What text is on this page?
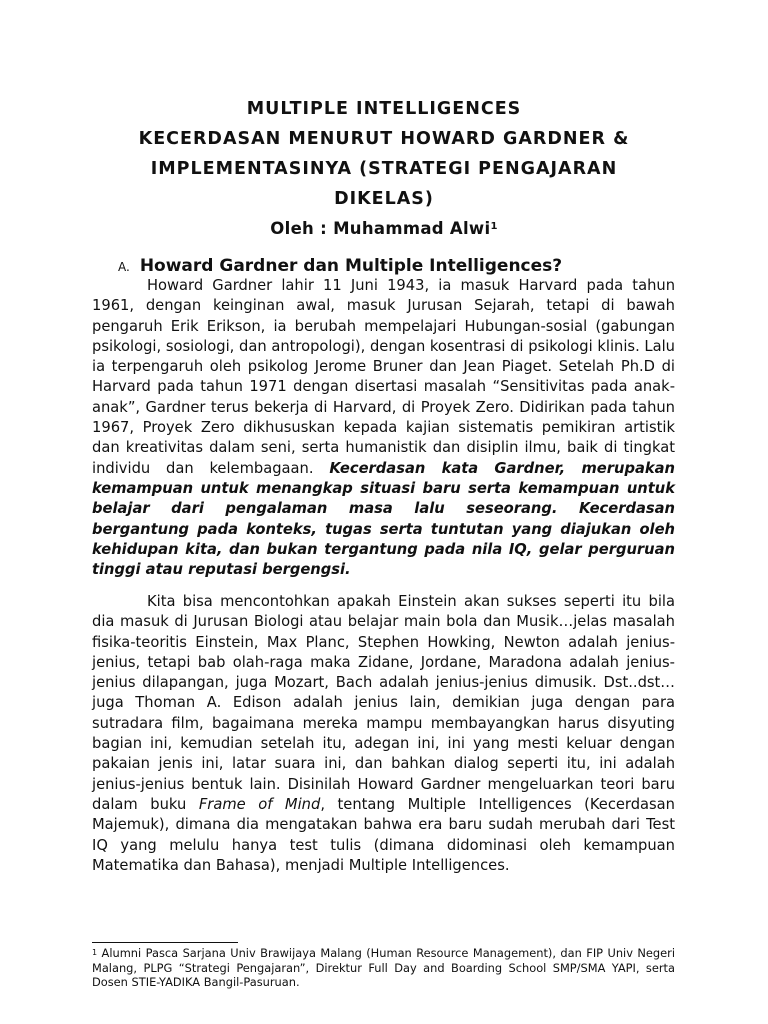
MULTIPLE INTELLIGENCES
KECERDASAN MENURUT HOWARD GARDNER &
IMPLEMENTASINYA (STRATEGI PENGAJARAN
DIKELAS)
Oleh : Muhammad Alwi$^1$
A. Howard Gardner dan Multiple Intelligences?

Howard Gardner lahir 11 Juni 1943, ia masuk Harvard pada tahun 1961, dengan keinginan awal, masuk Jurusan Sejarah, tetapi di bawah pengaruh Erik Erikson, ia berubah mempelajari Hubungan-sosial (gabungan psikologi, sosiologi, dan antropologi), dengan kosentrasi di psikologi klinis. Lalu ia terpengaruh oleh psikolog Jerome Bruner dan Jean Piaget. Setelah Ph.D di Harvard pada tahun 1971 dengan disertasi masalah “Sensitivitas pada anak-anak”, Gardner terus bekerja di Harvard, di Proyek Zero. Didirikan pada tahun 1967, Proyek Zero dikhususkan kepada kajian sistematis pemikiran artistik dan kreativitas dalam seni, serta humanistik dan disiplin ilmu, baik di tingkat individu dan kelembagaan. Kecerdasan kata Gardner, merupakan kemampuan untuk menangkap situasi baru serta kemampuan untuk belajar dari pengalaman masa lalu seseorang. Kecerdasan bergantung pada konteks, tugas serta tuntutan yang diajukan oleh kehidupan kita, dan bukan tergantung pada nila IQ, gelar perguruan tinggi atau reputasi bergengsi.

Kita bisa mencontohkan apakah Einstein akan sukses seperti itu bila dia masuk di Jurusan Biologi atau belajar main bola dan Musik…jelas masalah fisika-teoritis Einstein, Max Planc, Stephen Howking, Newton adalah jenius-jenius, tetapi bab olah-raga maka Zidane, Jordane, Maradona adalah jenius-jenius dilapangan, juga Mozart, Bach adalah jenius-jenius dimusik. Dst..dst…juga Thoman A. Edison adalah jenius lain, demikian juga dengan para sutradara film, bagaimana mereka mampu membayangkan harus disyuting bagian ini, kemudian setelah itu, adegan ini, ini yang mesti keluar dengan pakaian jenis ini, latar suara ini, dan bahkan dialog seperti itu, ini adalah jenius-jenius bentuk lain. Disinilah Howard Gardner mengeluarkan teori baru dalam buku Frame of Mind, tentang Multiple Intelligences (Kecerdasan Majemuk), dimana dia mengatakan bahwa era baru sudah merubah dari Test IQ yang melulu hanya test tulis (dimana didominasi oleh kemampuan Matematika dan Bahasa), menjadi Multiple Intelligences.

$^1$ Alumni Pasca Sarjana Univ Brawijaya Malang (Human Resource Management), dan FIP Univ Negeri Malang, PLPG “Strategi Pengajaran”, Direktur Full Day and Boarding School SMP/SMA YAPI, serta Dosen STIE-YADIKA Bangil-Pasuruan.
